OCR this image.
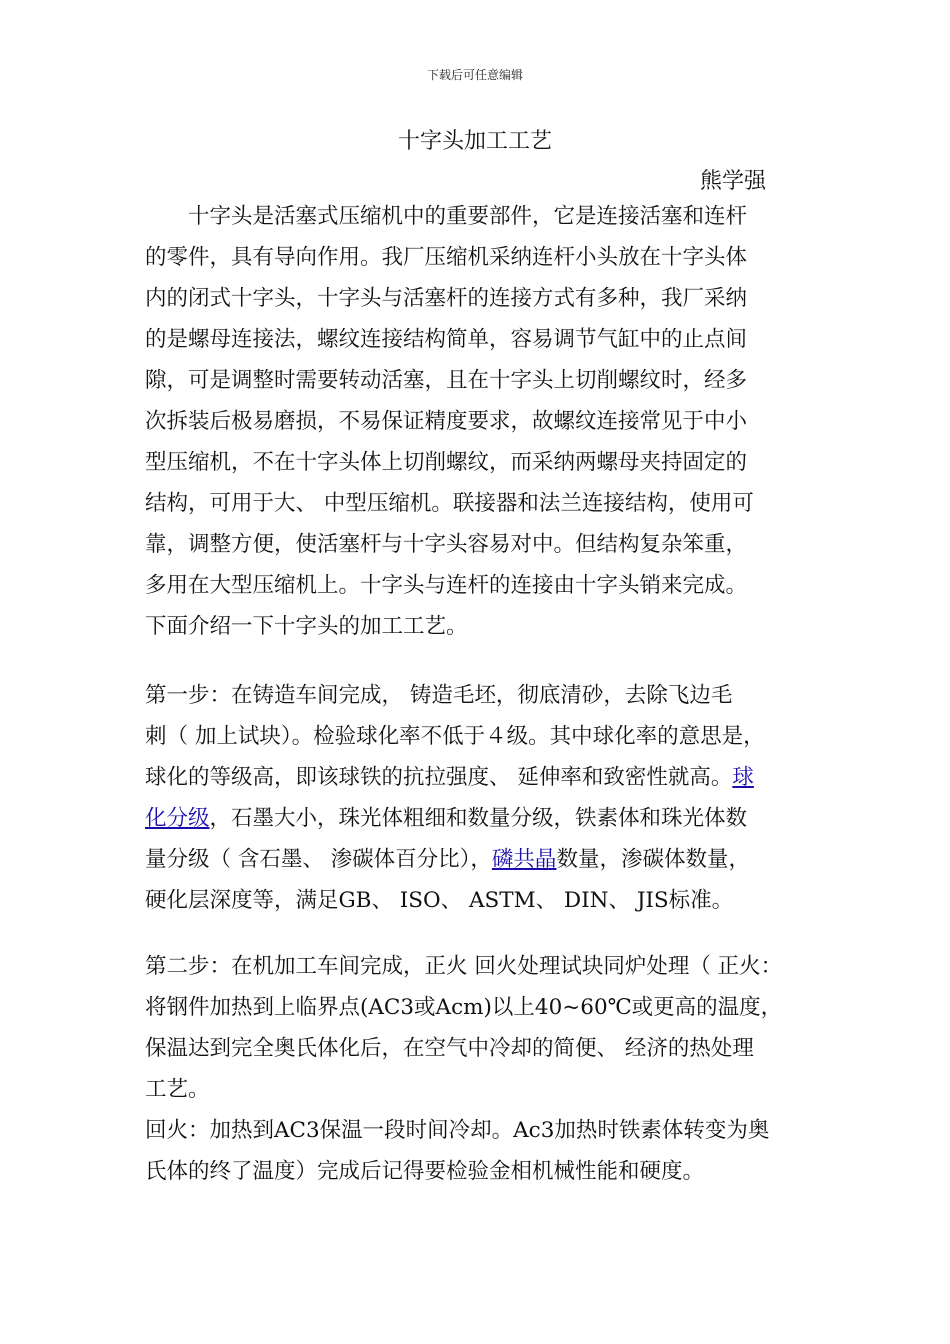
下载后可任意编辑
十字头加工工艺
熊学强
　　十字头是活塞式压缩机中的重要部件，它是连接活塞和连杆
的零件，具有导向作用。我厂压缩机采纳连杆小头放在十字头体
内的闭式十字头，十字头与活塞杆的连接方式有多种，我厂采纳
的是螺母连接法，螺纹连接结构简单，容易调节气缸中的止点间
隙，可是调整时需要转动活塞，且在十字头上切削螺纹时，经多
次拆装后极易磨损，不易保证精度要求，故螺纹连接常见于中小
型压缩机，不在十字头体上切削螺纹，而采纳两螺母夹持固定的
结构，可用于大、 中型压缩机。联接器和法兰连接结构，使用可
靠，调整方便，使活塞杆与十字头容易对中。但结构复杂笨重，
多用在大型压缩机上。十字头与连杆的连接由十字头销来完成。
下面介绍一下十字头的加工工艺。
第一步：在铸造车间完成， 铸造毛坯，彻底清砂，去除飞边毛
刺（ 加上试块）。检验球化率不低于４级。其中球化率的意思是，
球化的等级高，即该球铁的抗拉强度、 延伸率和致密性就高。球
化分级，石墨大小，珠光体粗细和数量分级，铁素体和珠光体数
量分级（ 含石墨、 渗碳体百分比），磷共晶数量，渗碳体数量，
硬化层深度等，满足GB、 ISO、 ASTM、 DIN、 JIS标准。
第二步：在机加工车间完成，正火 回火处理试块同炉处理（ 正火：
将钢件加热到上临界点(AC3或Acm)以上40~60℃或更高的温度，
保温达到完全奥氏体化后，在空气中冷却的简便、 经济的热处理
工艺。
回火：加热到AC3保温一段时间冷却。Ac3加热时铁素体转变为奥
氏体的终了温度）完成后记得要检验金相机械性能和硬度。
